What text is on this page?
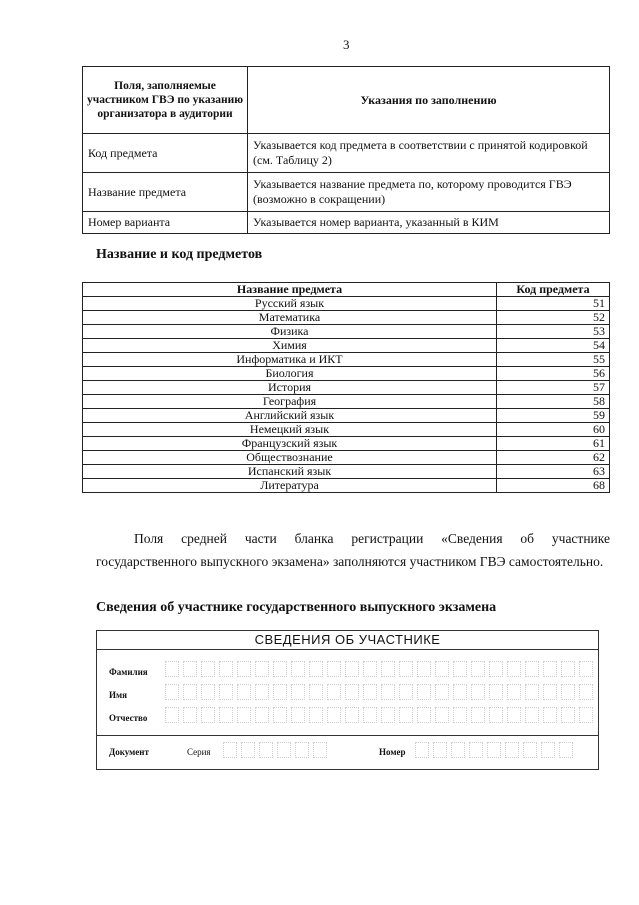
3
Поля, заполняемые участником ГВЭ по указанию организатора в аудитории	Указания по заполнению
Код предмета	Указывается код предмета в соответствии с принятой кодировкой (см. Таблицу 2)
Название предмета	Указывается название предмета по, которому проводится ГВЭ (возможно в сокращении)
Номер варианта	Указывается номер варианта, указанный в КИМ
Название и код предметов
Название предмета	Код предмета
Русский язык	51
Математика	52
Физика	53
Химия	54
Информатика и ИКТ	55
Биология	56
История	57
География	58
Английский язык	59
Немецкий язык	60
Французский язык	61
Обществознание	62
Испанский язык	63
Литература	68
Поля средней части бланка регистрации «Сведения об участнике государственного выпускного экзамена» заполняются участником ГВЭ самостоятельно.
Сведения об участнике государственного выпускного экзамена
СВЕДЕНИЯ ОБ УЧАСТНИКЕ
Фамилия
Имя
Отчество
Документ	Серия	Номер
